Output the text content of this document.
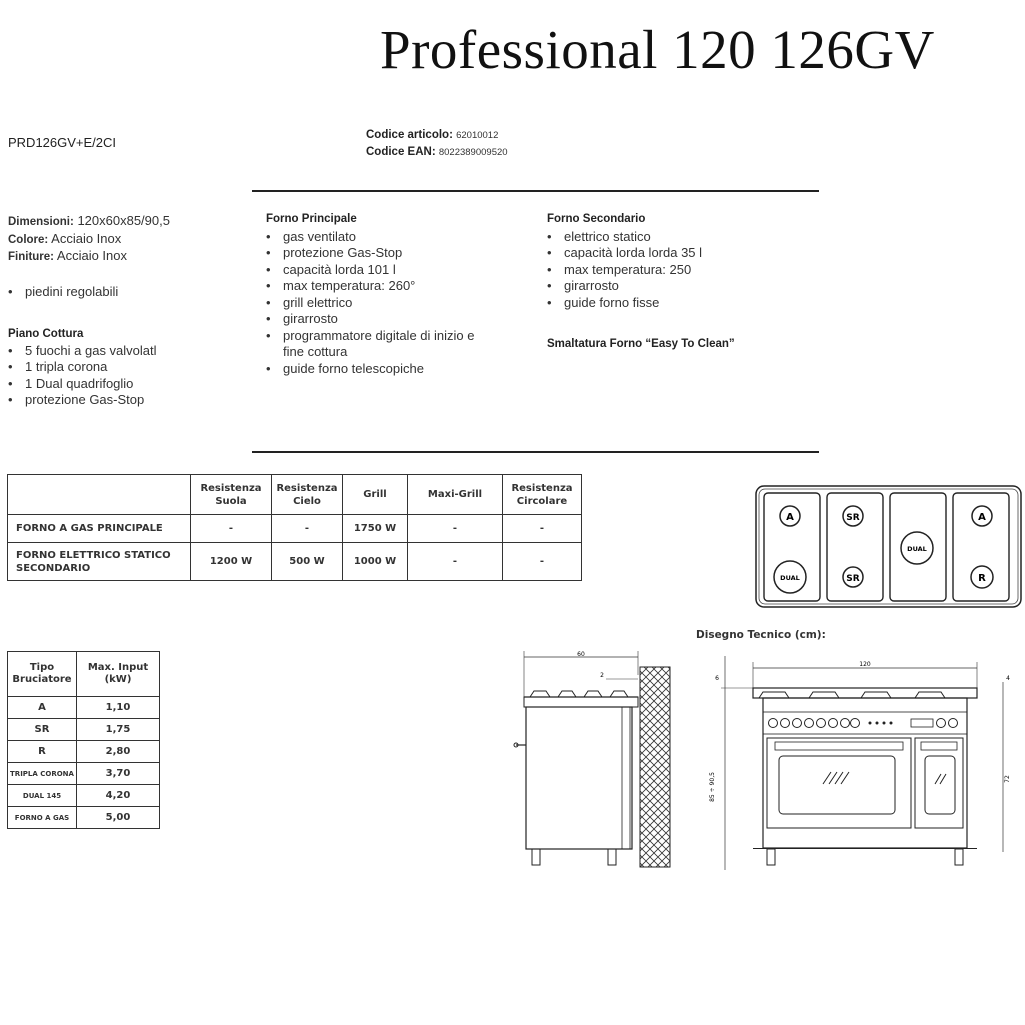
Professional 120 126GV
PRD126GV+E/2CI	Codice articolo: 62010012
Codice EAN: 8022389009520
Dimensioni: 120x60x85/90,5
Colore: Acciaio Inox
Finiture: Acciaio Inox
• piedini regolabili
Piano Cottura
• 5 fuochi a gas valvolatl
• 1 tripla corona
• 1 Dual quadrifoglio
• protezione Gas-Stop
Forno Principale
• gas ventilato
• protezione Gas-Stop
• capacità lorda 101 l
• max temperatura: 260°
• grill elettrico
• girarrosto
• programmatore digitale di inizio e
fine cottura
• guide forno telescopiche
Forno Secondario
• elettrico statico
• capacità lorda lorda 35 l
• max temperatura: 250
• girarrosto
• guide forno fisse
Smaltatura Forno “Easy To Clean”
	Resistenza Suola	Resistenza Cielo	Grill	Maxi-Grill	Resistenza Circolare
FORNO A GAS PRINCIPALE	-	-	1750 W	-	-
FORNO ELETTRICO STATICO SECONDARIO	1200 W	500 W	1000 W	-	-
Tipo Bruciatore	Max. Input (kW)
A	1,10
SR	1,75
R	2,80
TRIPLA CORONA	3,70
DUAL 145	4,20
FORNO A GAS	5,00
A	SR	A
DUAL
SR
DUAL	R
Disegno Tecnico (cm):
60
2
120
6
85 ÷ 90,5
4
72
